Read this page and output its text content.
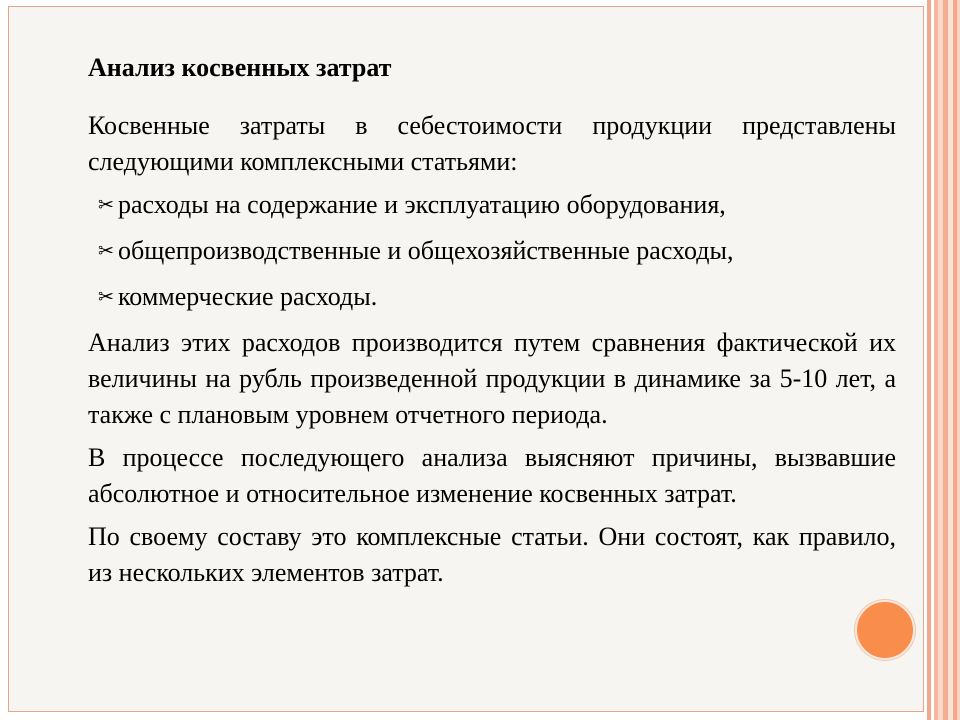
Анализ косвенных затрат
Косвенные затраты в себестоимости продукции представлены следующими комплексными статьями:
✂ расходы на содержание и эксплуатацию оборудования,
✂ общепроизводственные и общехозяйственные расходы,
✂ коммерческие расходы.
Анализ этих расходов производится путем сравнения фактической их величины на рубль произведенной продукции в динамике за 5-10 лет, а также с плановым уровнем отчетного периода.
В процессе последующего анализа выясняют причины, вызвавшие абсолютное и относительное изменение косвенных затрат.
По своему составу это комплексные статьи. Они состоят, как правило, из нескольких элементов затрат.
